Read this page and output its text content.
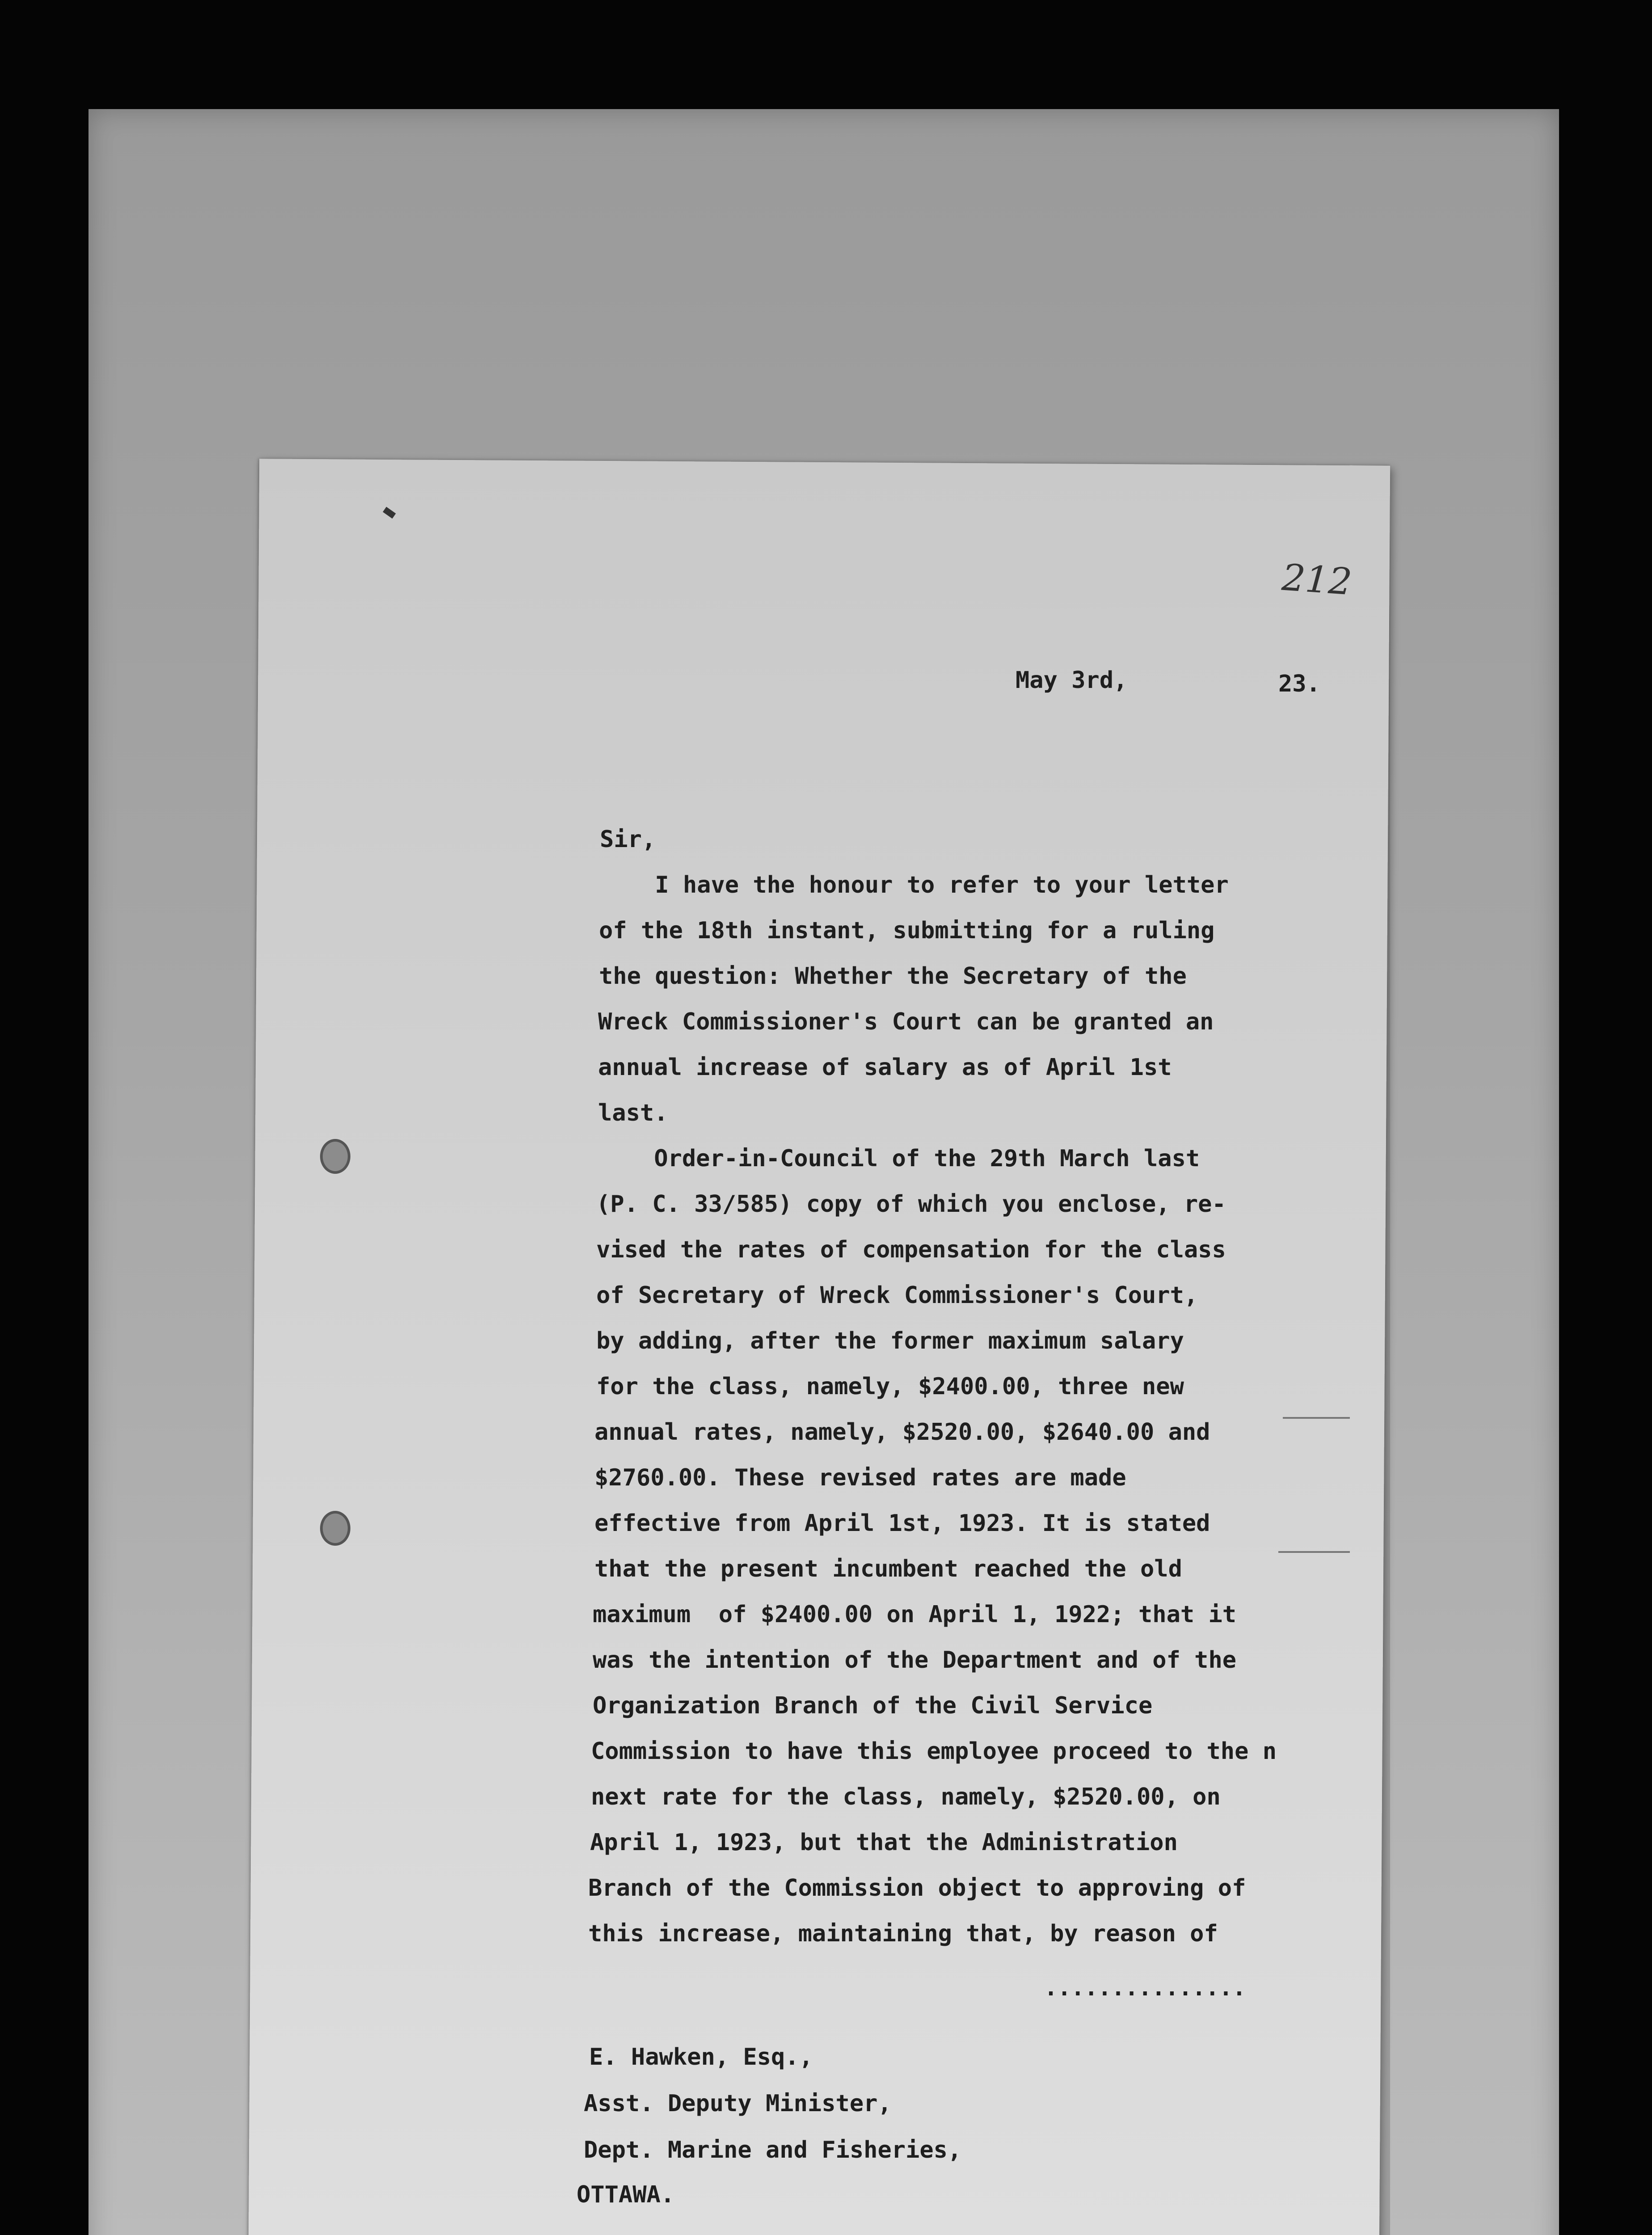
212
May 3rd,	23.
Sir,
I have the honour to refer to your letter
of the 18th instant, submitting for a ruling
the question: Whether the Secretary of the
Wreck Commissioner's Court can be granted an
annual increase of salary as of April 1st
last.
Order-in-Council of the 29th March last
(P. C. 33/585) copy of which you enclose, re-
vised the rates of compensation for the class
of Secretary of Wreck Commissioner's Court,
by adding, after the former maximum salary
for the class, namely, $2400.00, three new
annual rates, namely, $2520.00, $2640.00 and
$2760.00. These revised rates are made
effective from April 1st, 1923. It is stated
that the present incumbent reached the old
maximum  of $2400.00 on April 1, 1922; that it
was the intention of the Department and of the
Organization Branch of the Civil Service
Commission to have this employee proceed to the n
next rate for the class, namely, $2520.00, on
April 1, 1923, but that the Administration
Branch of the Commission object to approving of
this increase, maintaining that, by reason of
...............
E. Hawken, Esq.,
Asst. Deputy Minister,
Dept. Marine and Fisheries,
OTTAWA.
